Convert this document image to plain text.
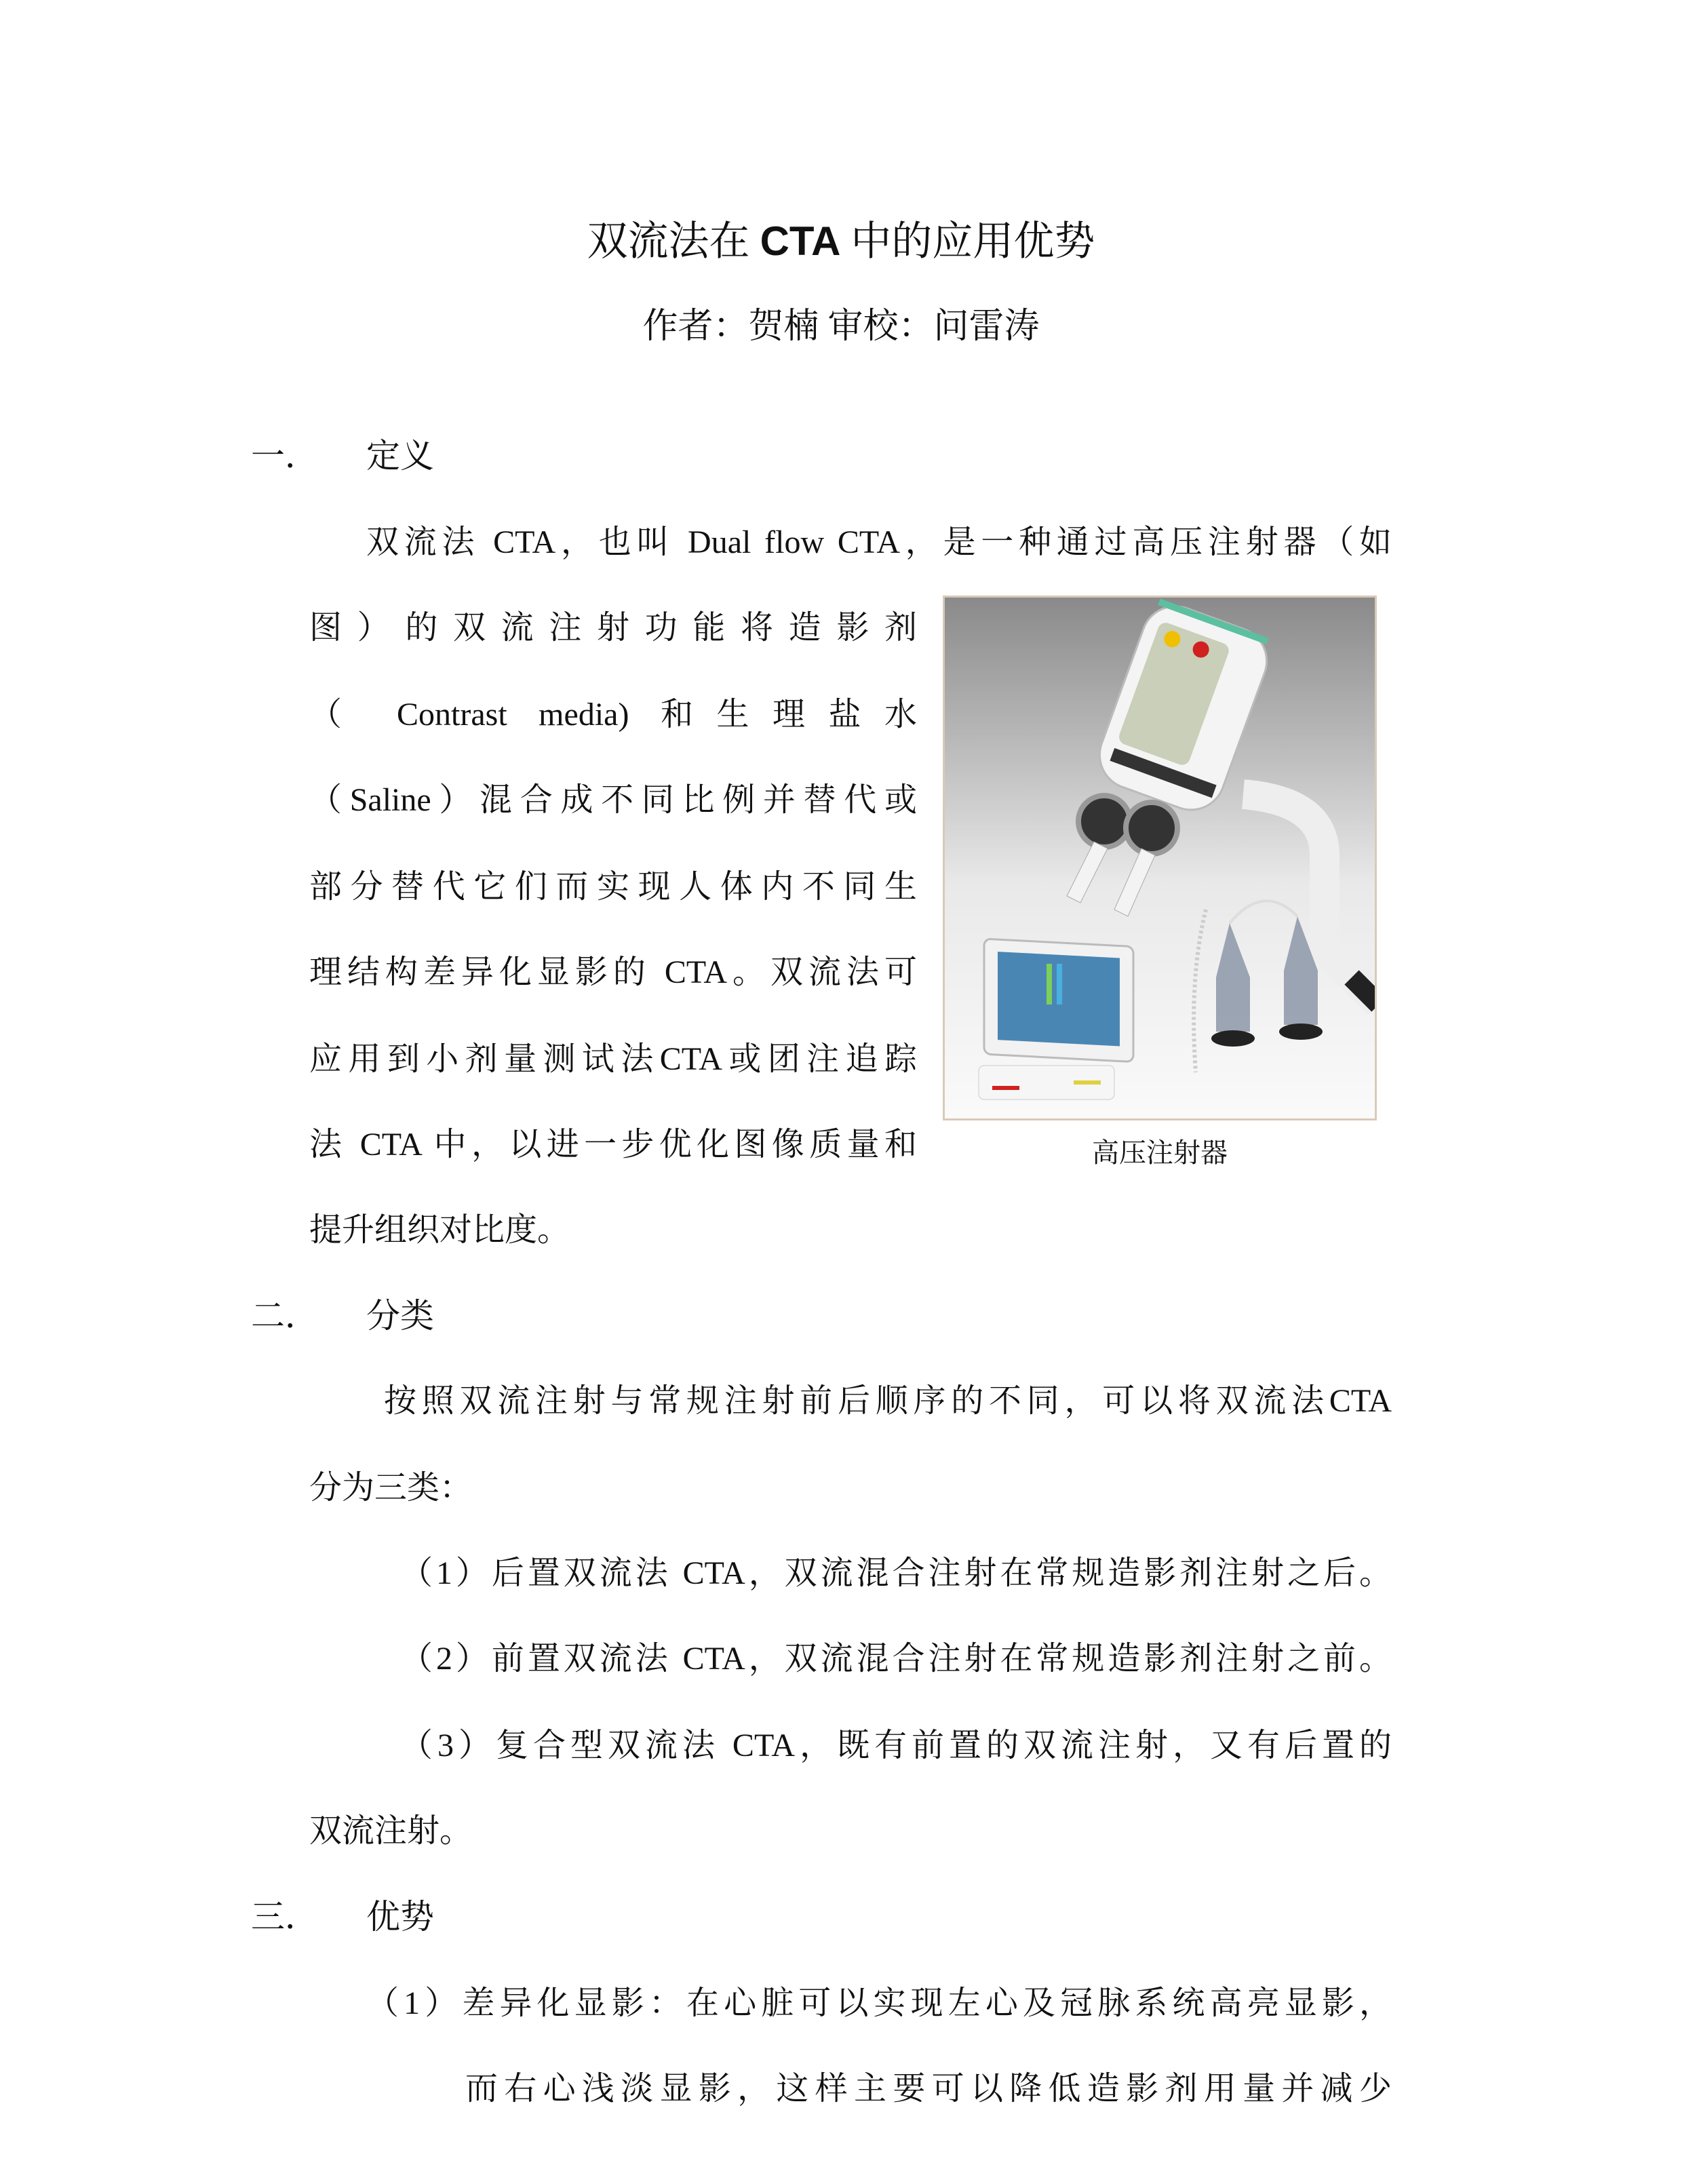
双流法在 CTA 中的应用优势
作者：贺楠 审校：问雷涛
一． 定义
双流法 CTA，也叫 Dual flow CTA，是一种通过高压注射器（如
图）的双流注射功能将造影剂
（ Contrast media) 和生理盐水
（Saline）混合成不同比例并替代或
部分替代它们而实现人体内不同生
理结构差异化显影的 CTA。双流法可
应用到小剂量测试法CTA或团注追踪
法 CTA 中，以进一步优化图像质量和
提升组织对比度。
高压注射器
二． 分类
按照双流注射与常规注射前后顺序的不同，可以将双流法CTA
分为三类：
（1）后置双流法 CTA，双流混合注射在常规造影剂注射之后。
（2）前置双流法 CTA，双流混合注射在常规造影剂注射之前。
（3）复合型双流法 CTA，既有前置的双流注射，又有后置的
双流注射。
三． 优势
（1）差异化显影：在心脏可以实现左心及冠脉系统高亮显影，
而右心浅淡显影，这样主要可以降低造影剂用量并减少
